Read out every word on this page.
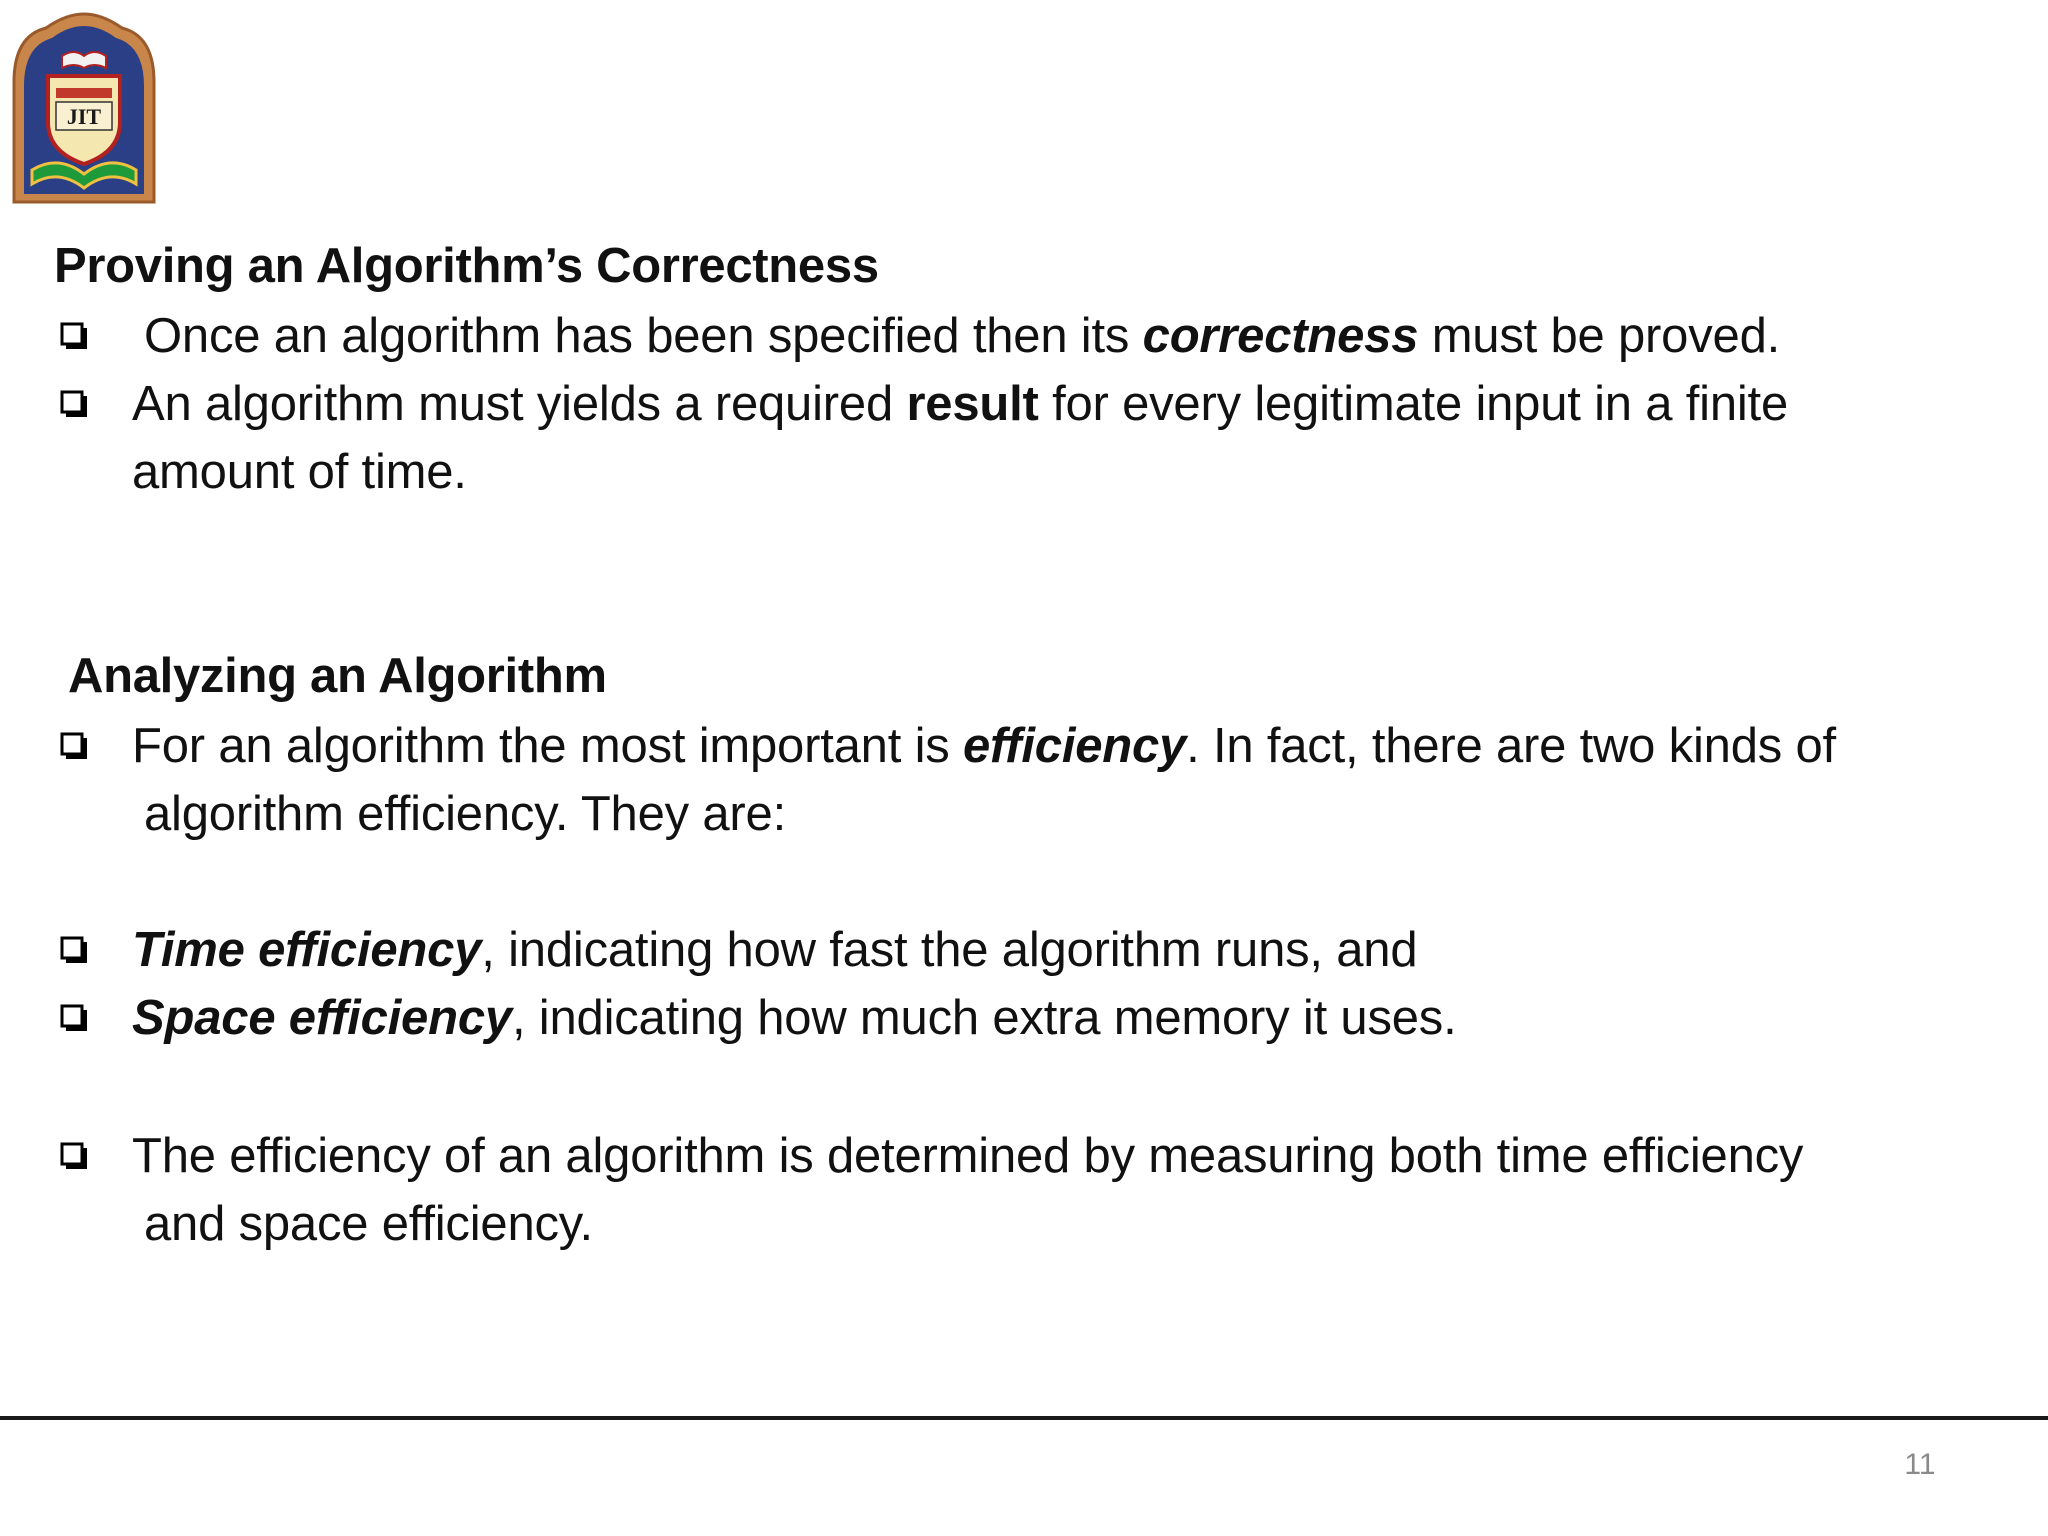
JIT
Proving an Algorithm’s Correctness
Once an algorithm has been specified then its correctness must be proved.
An algorithm must yields a required result for every legitimate input in a finite
amount of time.
Analyzing an Algorithm
For an algorithm the most important is efficiency. In fact, there are two kinds of
algorithm efficiency. They are:
Time efficiency, indicating how fast the algorithm runs, and
Space efficiency, indicating how much extra memory it uses.
The efficiency of an algorithm is determined by measuring both time efficiency
and space efficiency.
11
